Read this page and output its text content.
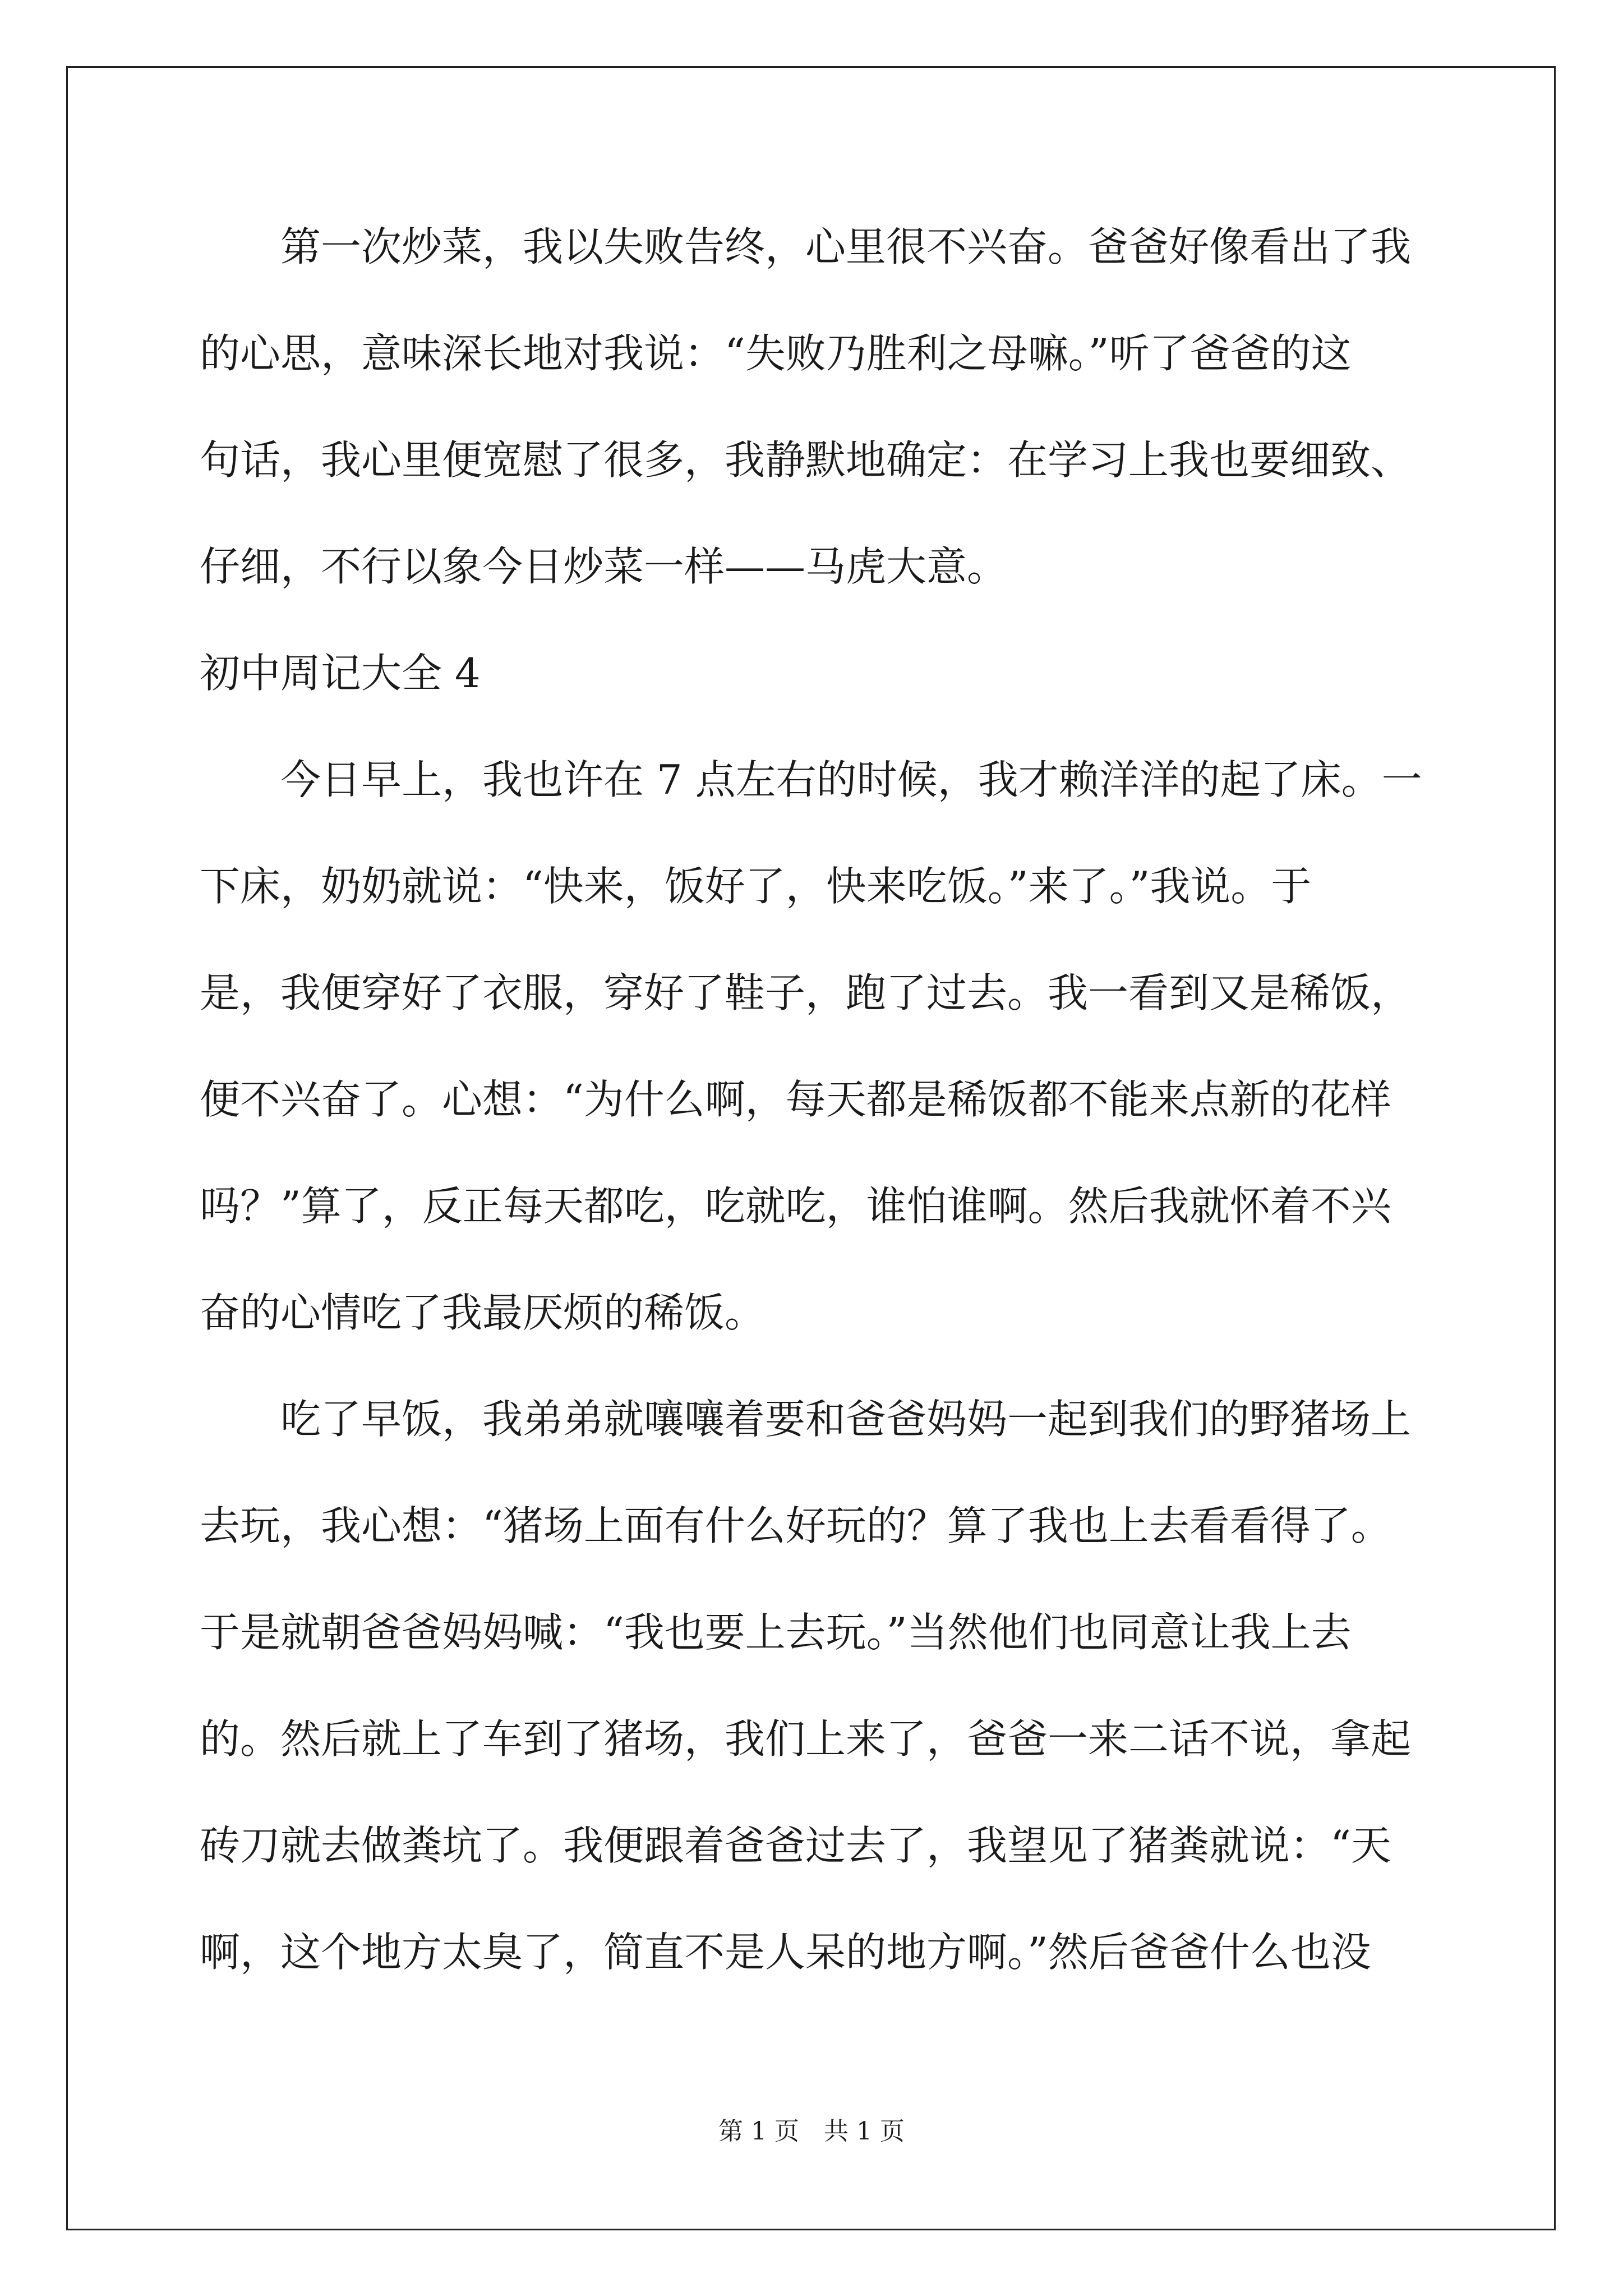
第一次炒菜，我以失败告终，心里很不兴奋。爸爸好像看出了我
的心思，意味深长地对我说：“失败乃胜利之母嘛。”听了爸爸的这
句话，我心里便宽慰了很多，我静默地确定：在学习上我也要细致、
仔细，不行以象今日炒菜一样——马虎大意。
初中周记大全 4
今日早上，我也许在 7 点左右的时候，我才赖洋洋的起了床。一
下床，奶奶就说：“快来，饭好了，快来吃饭。”来了。”我说。于
是，我便穿好了衣服，穿好了鞋子，跑了过去。我一看到又是稀饭，
便不兴奋了。心想：“为什么啊，每天都是稀饭都不能来点新的花样
吗？”算了，反正每天都吃，吃就吃，谁怕谁啊。然后我就怀着不兴
奋的心情吃了我最厌烦的稀饭。
吃了早饭，我弟弟就嚷嚷着要和爸爸妈妈一起到我们的野猪场上
去玩，我心想：“猪场上面有什么好玩的？算了我也上去看看得了。
于是就朝爸爸妈妈喊：“我也要上去玩。”当然他们也同意让我上去
的。然后就上了车到了猪场，我们上来了，爸爸一来二话不说，拿起
砖刀就去做粪坑了。我便跟着爸爸过去了，我望见了猪粪就说：“天
啊，这个地方太臭了，简直不是人呆的地方啊。”然后爸爸什么也没
第 1 页　共 1 页
